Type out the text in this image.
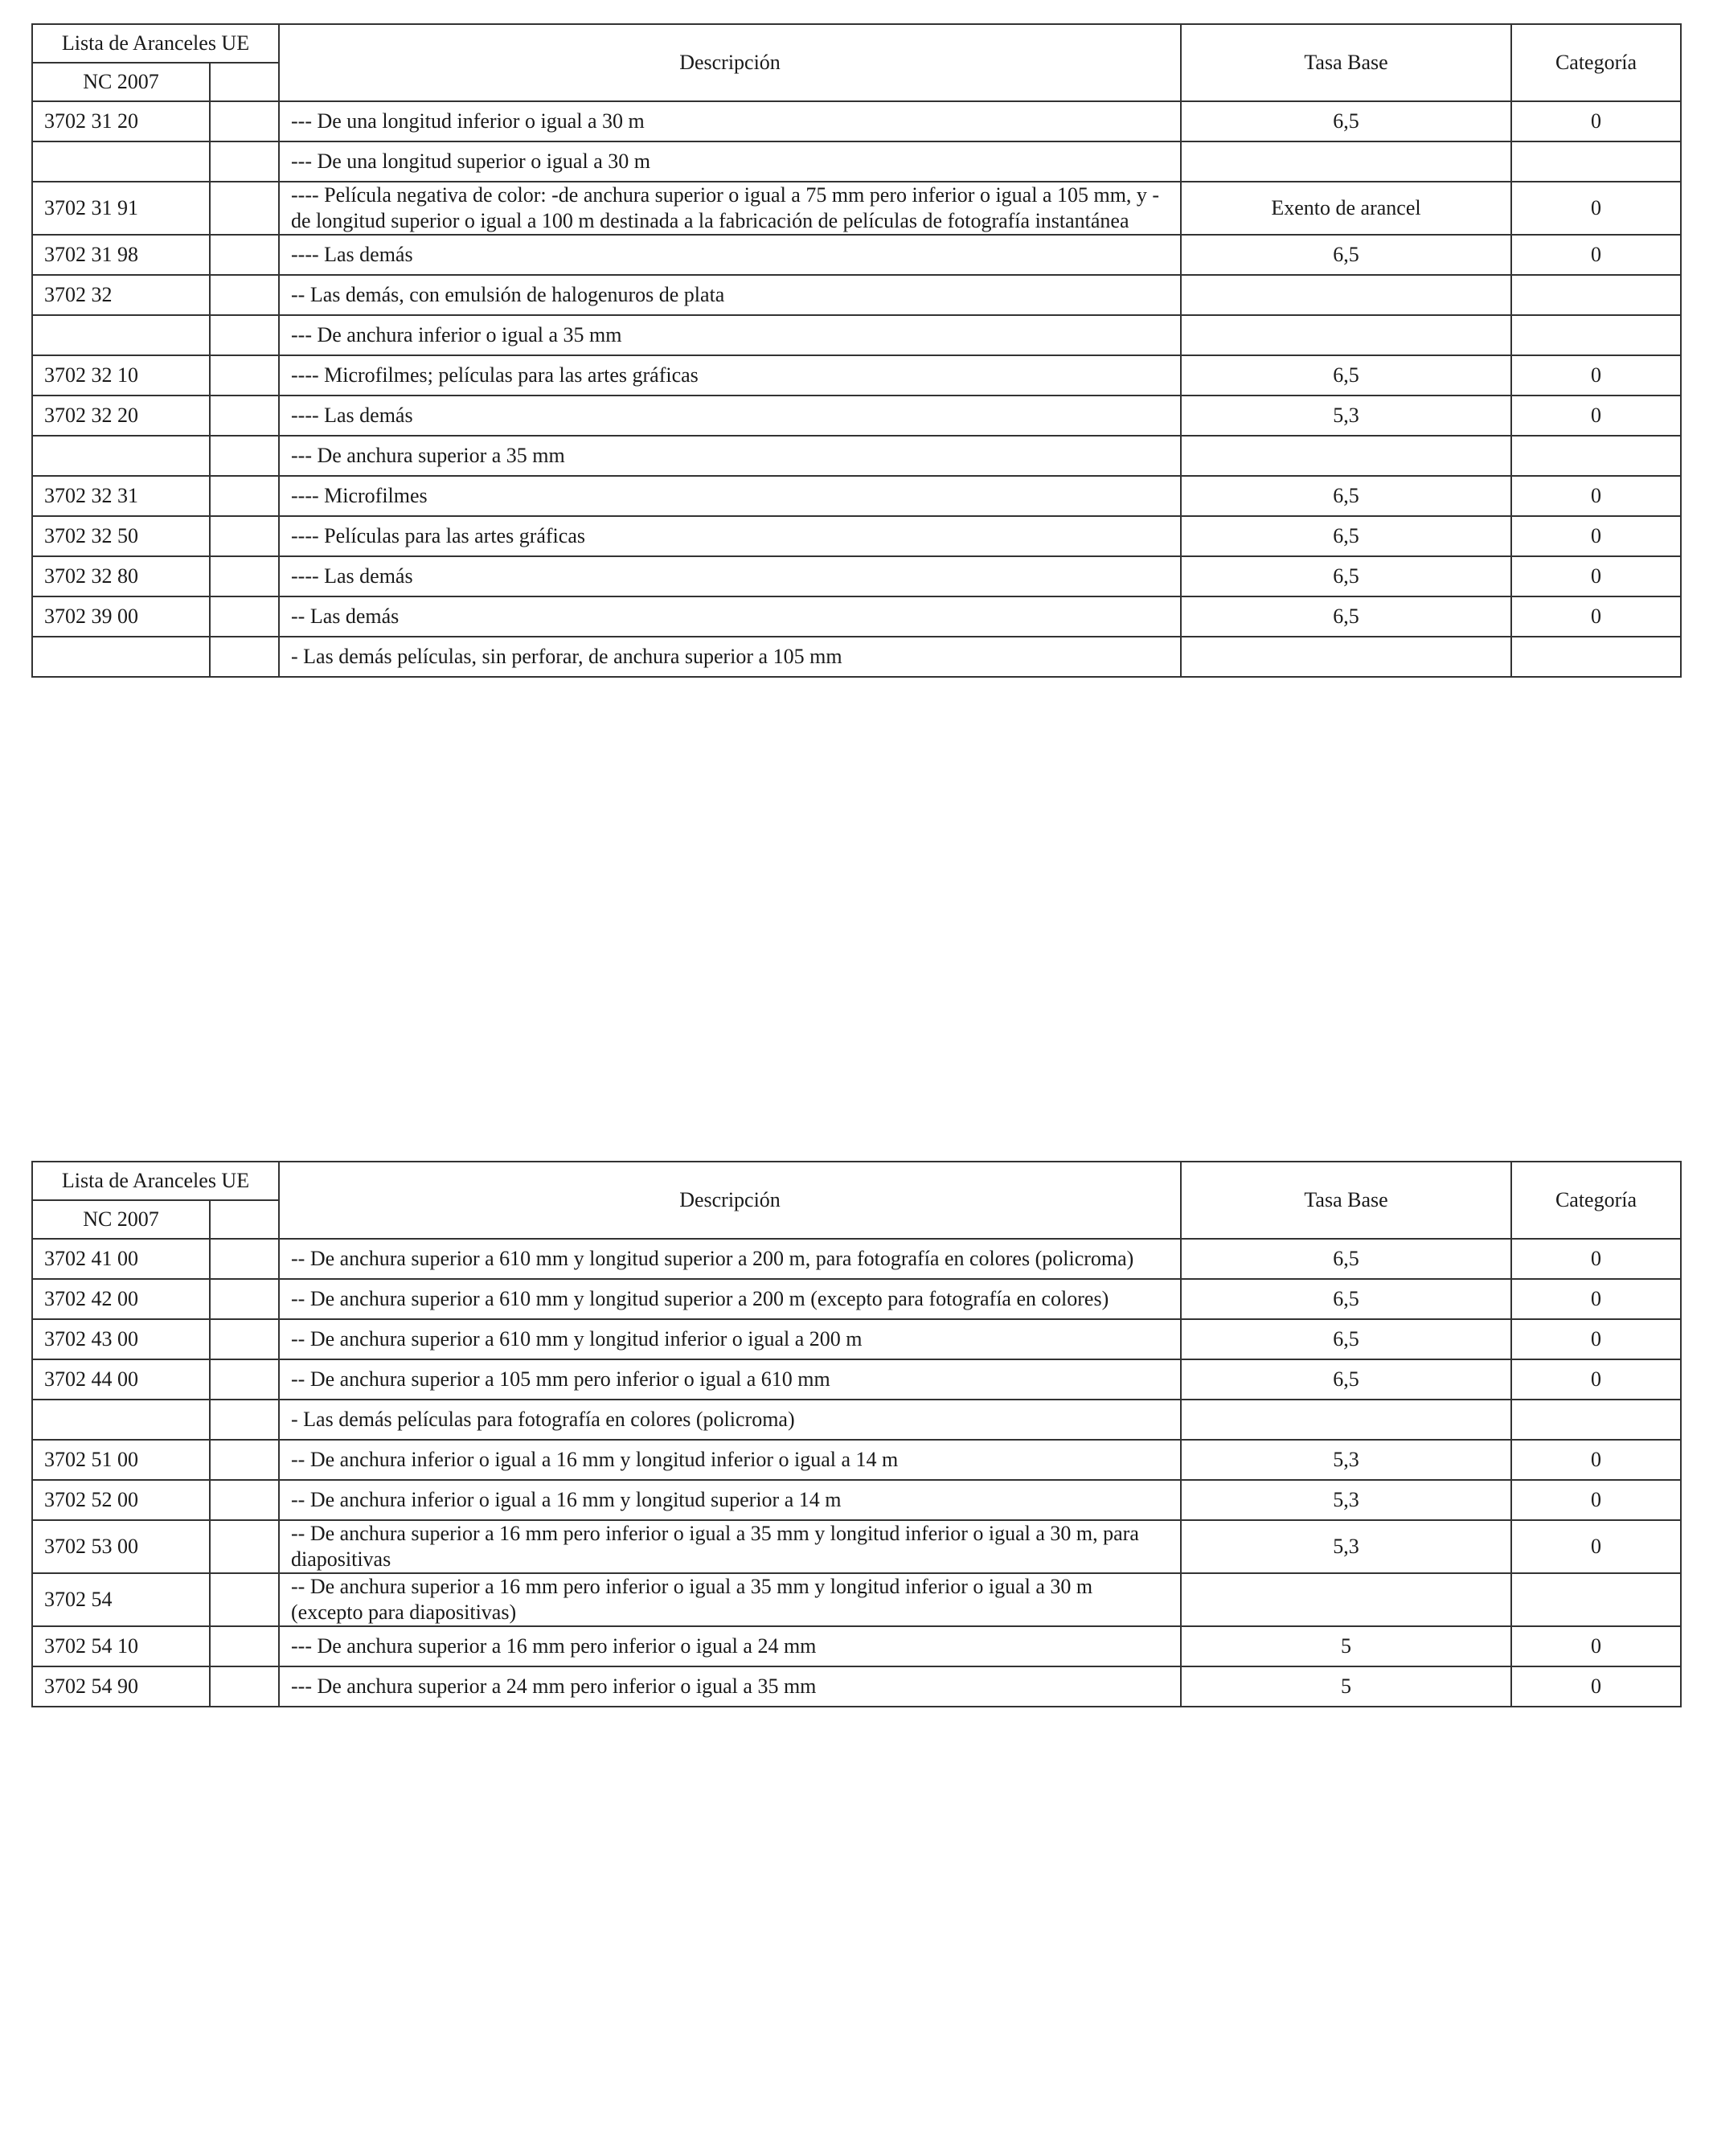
Lista de Aranceles UE		Descripción	Tasa Base	Categoría
NC 2007				
3702 31 20		--- De una longitud inferior o igual a 30 m	6,5	0
		--- De una longitud superior o igual a 30 m		
3702 31 91		---- Película negativa de color: -de anchura superior o igual a 75 mm pero inferior o igual a 105 mm, y -de longitud superior o igual a 100 m destinada a la fabricación de películas de fotografía instantánea	Exento de arancel	0
3702 31 98		---- Las demás	6,5	0
3702 32		-- Las demás, con emulsión de halogenuros de plata		
		--- De anchura inferior o igual a 35 mm		
3702 32 10		---- Microfilmes; películas para las artes gráficas	6,5	0
3702 32 20		---- Las demás	5,3	0
		--- De anchura superior a 35 mm		
3702 32 31		---- Microfilmes	6,5	0
3702 32 50		---- Películas para las artes gráficas	6,5	0
3702 32 80		---- Las demás	6,5	0
3702 39 00		-- Las demás	6,5	0
		- Las demás películas, sin perforar, de anchura superior a 105 mm		
Lista de Aranceles UE		Descripción	Tasa Base	Categoría
NC 2007				
3702 41 00		-- De anchura superior a 610 mm y longitud superior a 200 m, para fotografía en colores (policroma)	6,5	0
3702 42 00		-- De anchura superior a 610 mm y longitud superior a 200 m (excepto para fotografía en colores)	6,5	0
3702 43 00		-- De anchura superior a 610 mm y longitud inferior o igual a 200 m	6,5	0
3702 44 00		-- De anchura superior a 105 mm pero inferior o igual a 610 mm	6,5	0
		- Las demás películas para fotografía en colores (policroma)		
3702 51 00		-- De anchura inferior o igual a 16 mm y longitud inferior o igual a 14 m	5,3	0
3702 52 00		-- De anchura inferior o igual a 16 mm y longitud superior a 14 m	5,3	0
3702 53 00		-- De anchura superior a 16 mm pero inferior o igual a 35 mm y longitud inferior o igual a 30 m, para diapositivas	5,3	0
3702 54		-- De anchura superior a 16 mm pero inferior o igual a 35 mm y longitud inferior o igual a 30 m (excepto para diapositivas)		
3702 54 10		--- De anchura superior a 16 mm pero inferior o igual a 24 mm	5	0
3702 54 90		--- De anchura superior a 24 mm pero inferior o igual a 35 mm	5	0
